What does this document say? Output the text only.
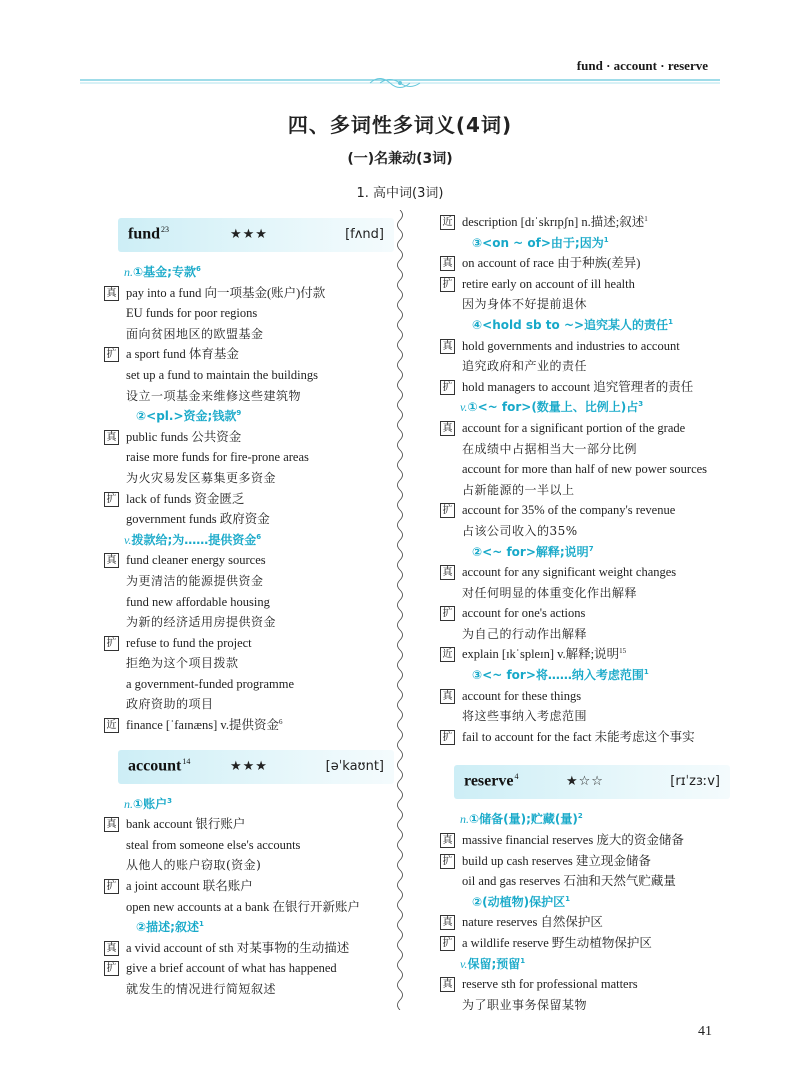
fund · account · reserve
四、多词性多词义(4词)
(一)名兼动(3词)
1. 高中词(3词)
fund$^{23}$	★★★	[fʌnd]
n.①基金;专款$^6$
真 pay into a fund 向一项基金(账户)付款
EU funds for poor regions
面向贫困地区的欧盟基金
扩 a sport fund 体育基金
set up a fund to maintain the buildings
设立一项基金来维修这些建筑物
②<pl.>资金;钱款$^9$
真 public funds 公共资金
raise more funds for fire-prone areas
为火灾易发区募集更多资金
扩 lack of funds 资金匮乏
government funds 政府资金
v.拨款给;为……提供资金$^6$
真 fund cleaner energy sources
为更清洁的能源提供资金
fund new affordable housing
为新的经济适用房提供资金
扩 refuse to fund the project
拒绝为这个项目拨款
a government-funded programme
政府资助的项目
近 finance [ˈfaɪnæns] v.提供资金$^6$
account$^{14}$	★★★	[əˈkaʊnt]
n.①账户$^3$
真 bank account 银行账户
steal from someone else's accounts
从他人的账户窃取(资金)
扩 a joint account 联名账户
open new accounts at a bank 在银行开新账户
②描述;叙述$^1$
真 a vivid account of sth 对某事物的生动描述
扩 give a brief account of what has happened
就发生的情况进行简短叙述
近 description [dɪˈskrɪpʃn] n.描述;叙述$^1$
③<on ~ of>由于;因为$^1$
真 on account of race 由于种族(差异)
扩 retire early on account of ill health
因为身体不好提前退休
④<hold sb to ~>追究某人的责任$^1$
真 hold governments and industries to account
追究政府和产业的责任
扩 hold managers to account 追究管理者的责任
v.①<~ for>(数量上、比例上)占$^3$
真 account for a significant portion of the grade
在成绩中占据相当大一部分比例
account for more than half of new power sources
占新能源的一半以上
扩 account for 35% of the company's revenue
占该公司收入的35%
②<~ for>解释;说明$^7$
真 account for any significant weight changes
对任何明显的体重变化作出解释
扩 account for one's actions
为自己的行动作出解释
近 explain [ɪkˈspleɪn] v.解释;说明$^{15}$
③<~ for>将……纳入考虑范围$^1$
真 account for these things
将这些事纳入考虑范围
扩 fail to account for the fact 未能考虑这个事实
reserve$^4$	★☆☆	[rɪˈzɜːv]
n.①储备(量);贮藏(量)$^2$
真 massive financial reserves 庞大的资金储备
扩 build up cash reserves 建立现金储备
oil and gas reserves 石油和天然气贮藏量
②(动植物)保护区$^1$
真 nature reserves 自然保护区
扩 a wildlife reserve 野生动植物保护区
v.保留;预留$^1$
真 reserve sth for professional matters
为了职业事务保留某物
41
